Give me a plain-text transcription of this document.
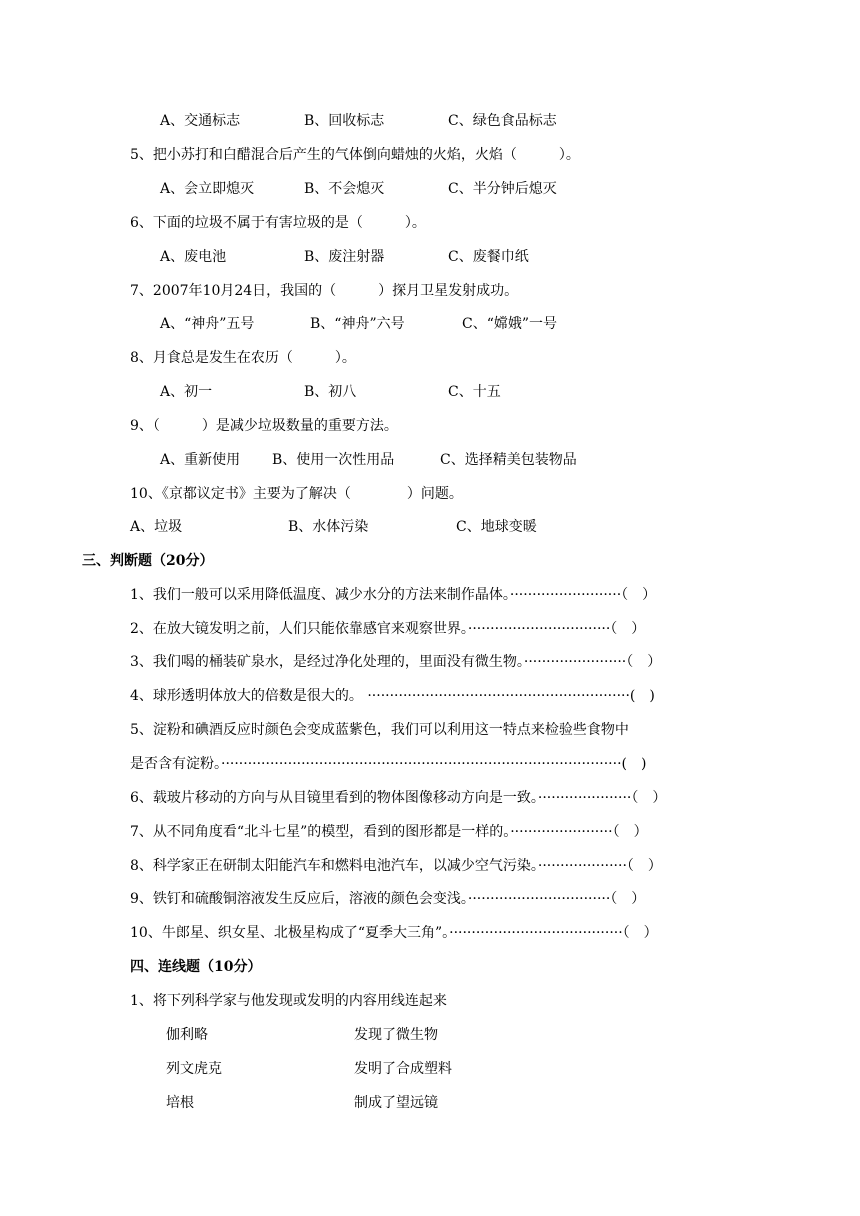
A、交通标志	B、回收标志	C、绿色食品标志
5、把小苏打和白醋混合后产生的气体倒向蜡烛的火焰，火焰（　　　）。
A、会立即熄灭	B、不会熄灭	C、半分钟后熄灭
6、下面的垃圾不属于有害垃圾的是（　　　）。
A、废电池	B、废注射器	C、废餐巾纸
7、2007年10月24日，我国的（　　　）探月卫星发射成功。
A、“神舟”五号	B、“神舟”六号	C、“嫦娥”一号
8、月食总是发生在农历（　　　）。
A、初一	B、初八	C、十五
9、（　　　）是减少垃圾数量的重要方法。
A、重新使用 B、使用一次性用品	C、选择精美包装物品
10、《京都议定书》主要为了解决（　　　　）问题。
A、垃圾	B、水体污染	C、地球变暖
三、判断题（20分）
1、我们一般可以采用降低温度、减少水分的方法来制作晶体。·························（　）
2、在放大镜发明之前，人们只能依靠感官来观察世界。································（　）
3、我们喝的桶装矿泉水，是经过净化处理的，里面没有微生物。·······················（　）
4、球形透明体放大的倍数是很大的。 ···························································(　)
5、淀粉和碘酒反应时颜色会变成蓝紫色，我们可以利用这一特点来检验些食物中
是否含有淀粉。··························································································(　)
6、载玻片移动的方向与从目镜里看到的物体图像移动方向是一致。·····················（　）
7、从不同角度看“北斗七星”的模型，看到的图形都是一样的。·······················（　）
8、科学家正在研制太阳能汽车和燃料电池汽车，以减少空气污染。····················（　）
9、铁钉和硫酸铜溶液发生反应后，溶液的颜色会变浅。································（　）
10、牛郎星、织女星、北极星构成了“夏季大三角”。·······································（　）
四、连线题（10分）
1、将下列科学家与他发现或发明的内容用线连起来
伽利略	发现了微生物
列文虎克	发明了合成塑料
培根	制成了望远镜
